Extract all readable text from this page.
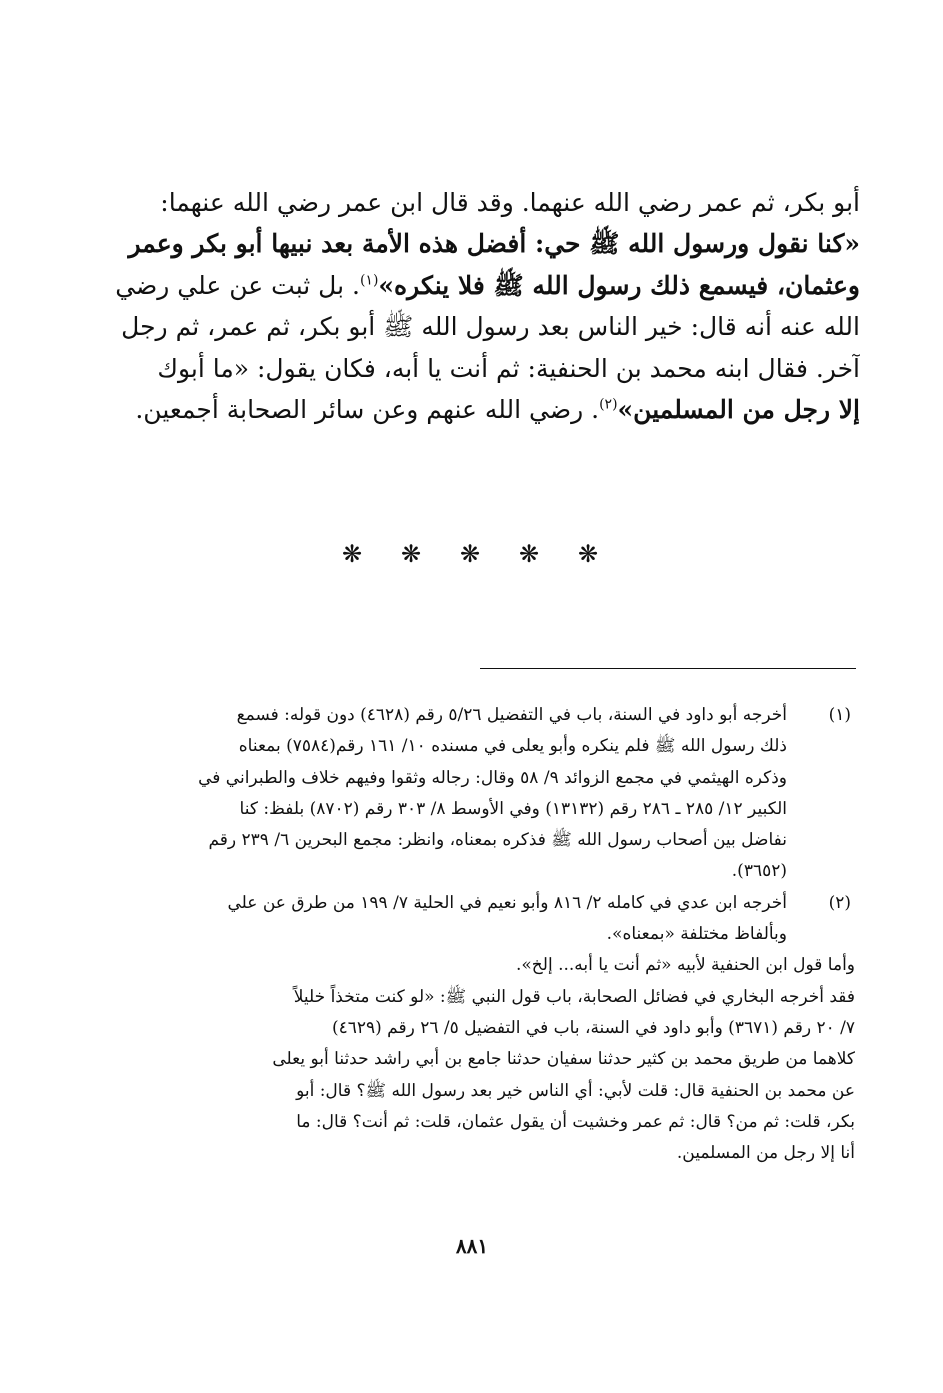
أبو بكر، ثم عمر رضي الله عنهما. وقد قال ابن عمر رضي الله عنهما:
«كنا نقول ورسول الله ﷺ حي: أفضل هذه الأمة بعد نبيها أبو بكر وعمر
وعثمان، فيسمع ذلك رسول الله ﷺ فلا ينكره»$^{(١)}$. بل ثبت عن علي رضي
الله عنه أنه قال: خير الناس بعد رسول الله ﷺ أبو بكر، ثم عمر، ثم رجل
آخر. فقال ابنه محمد بن الحنفية: ثم أنت يا أبه، فكان يقول: «ما أبوك
إلا رجل من المسلمين»$^{(٢)}$. رضي الله عنهم وعن سائر الصحابة أجمعين.
❋ ❋ ❋ ❋ ❋
(١)
أخرجه أبو داود في السنة، باب في التفضيل ٥/٢٦ رقم (٤٦٢٨) دون قوله: فسمع
ذلك رسول الله ﷺ فلم ينكره وأبو يعلى في مسنده ١٠/ ١٦١ رقم(٧٥٨٤) بمعناه
وذكره الهيثمي في مجمع الزوائد ٩/ ٥٨ وقال: رجاله وثقوا وفيهم خلاف والطبراني في
الكبير ١٢/ ٢٨٥ ـ ٢٨٦ رقم (١٣١٣٢) وفي الأوسط ٨/ ٣٠٣ رقم (٨٧٠٢) بلفظ: كنا
نفاضل بين أصحاب رسول الله ﷺ فذكره بمعناه، وانظر: مجمع البحرين ٦/ ٢٣٩ رقم
(٣٦٥٢).
(٢)
أخرجه ابن عدي في كامله ٢/ ٨١٦ وأبو نعيم في الحلية ٧/ ١٩٩ من طرق عن علي
وبألفاظ مختلفة «بمعناه».
وأما قول ابن الحنفية لأبيه «ثم أنت يا أبه... إلخ».
فقد أخرجه البخاري في فضائل الصحابة، باب قول النبي ﷺ: «لو كنت متخذاً خليلاً
٧/ ٢٠ رقم (٣٦٧١) وأبو داود في السنة، باب في التفضيل ٥/ ٢٦ رقم (٤٦٢٩)
كلاهما من طريق محمد بن كثير حدثنا سفيان حدثنا جامع بن أبي راشد حدثنا أبو يعلى
عن محمد بن الحنفية قال: قلت لأبي: أي الناس خير بعد رسول الله ﷺ؟ قال: أبو
بكر، قلت: ثم من؟ قال: ثم عمر وخشيت أن يقول عثمان، قلت: ثم أنت؟ قال: ما
أنا إلا رجل من المسلمين.
٨٨١
